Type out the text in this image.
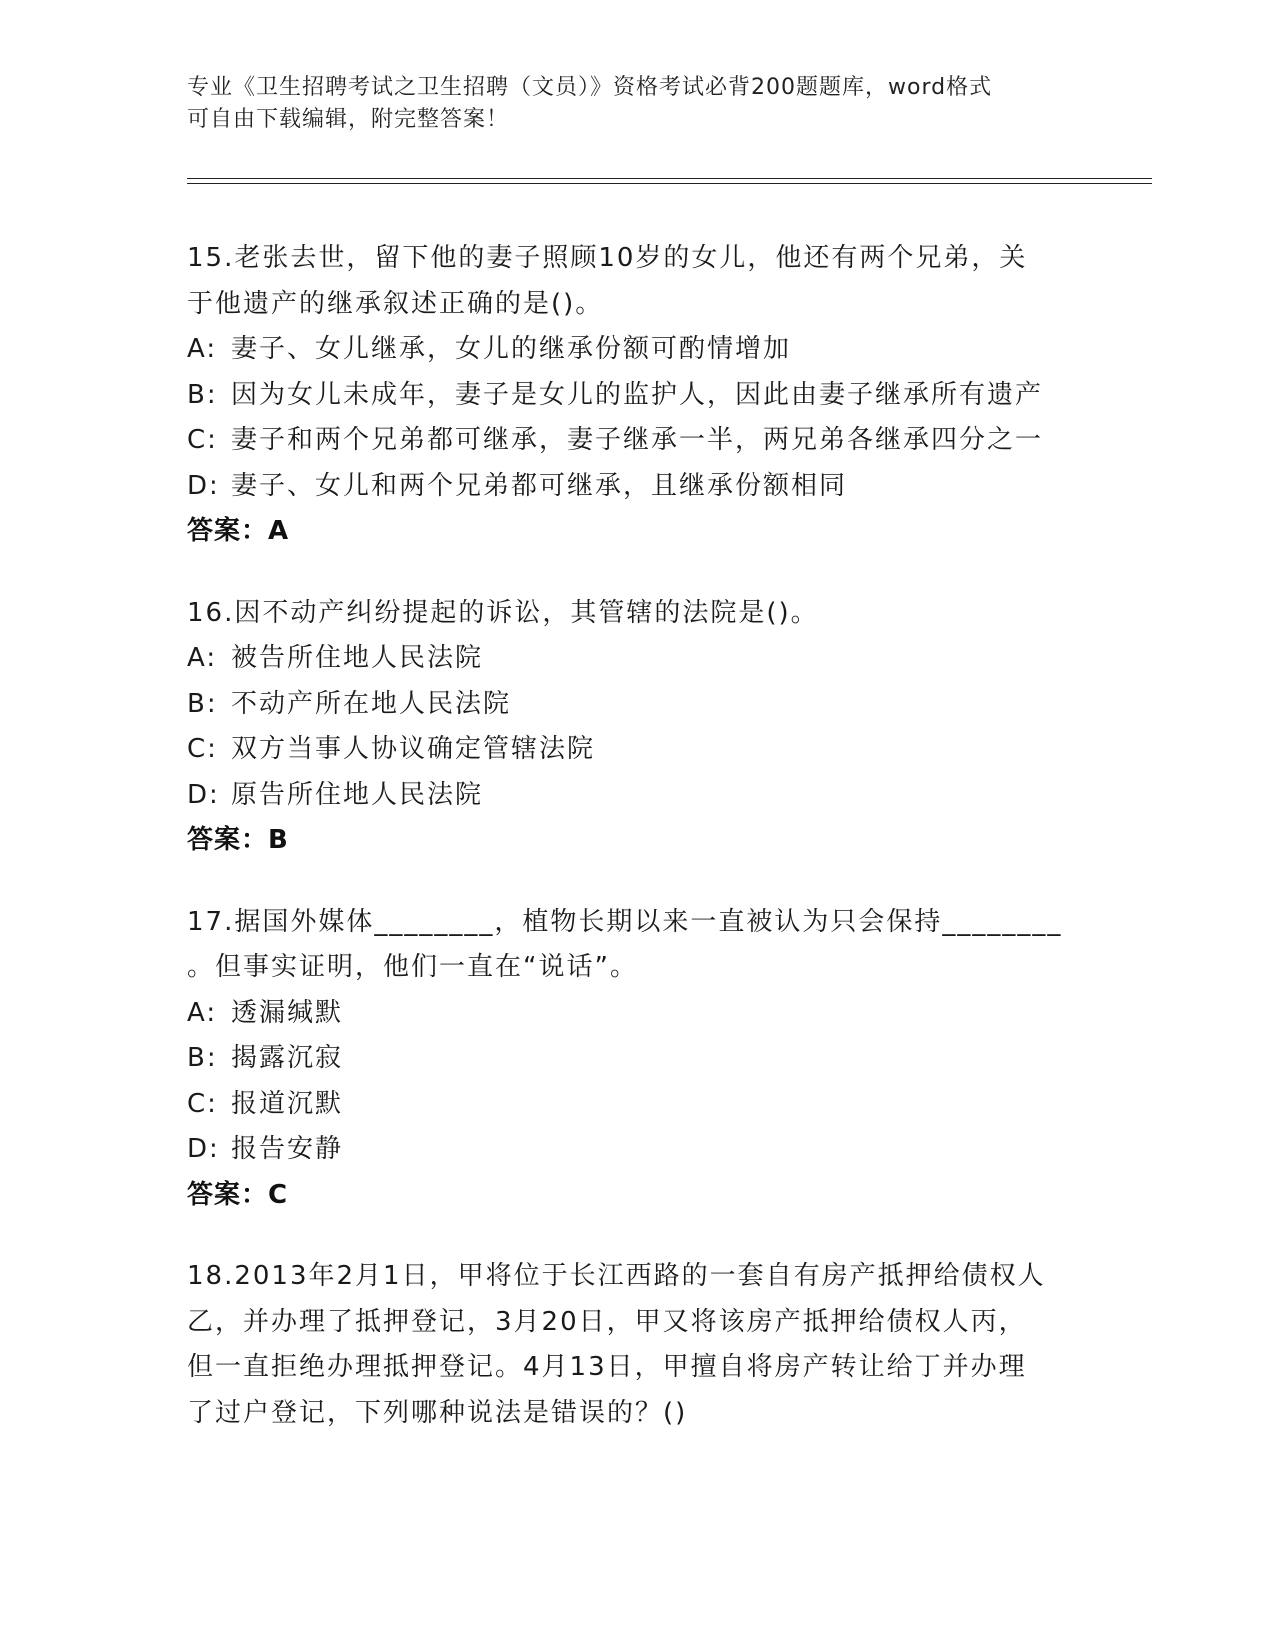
专业《卫生招聘考试之卫生招聘（文员）》资格考试必背200题题库，word格式
可自由下载编辑，附完整答案！
15.老张去世，留下他的妻子照顾10岁的女儿，他还有两个兄弟，关
于他遗产的继承叙述正确的是()。
A: 妻子、女儿继承，女儿的继承份额可酌情增加
B: 因为女儿未成年，妻子是女儿的监护人，因此由妻子继承所有遗产
C: 妻子和两个兄弟都可继承，妻子继承一半，两兄弟各继承四分之一
D: 妻子、女儿和两个兄弟都可继承，且继承份额相同
答案：A
16.因不动产纠纷提起的诉讼，其管辖的法院是()。
A: 被告所住地人民法院
B: 不动产所在地人民法院
C: 双方当事人协议确定管辖法院
D: 原告所住地人民法院
答案：B
17.据国外媒体________，植物长期以来一直被认为只会保持________
。但事实证明，他们一直在“说话”。
A: 透漏缄默
B: 揭露沉寂
C: 报道沉默
D: 报告安静
答案：C
18.2013年2月1日，甲将位于长江西路的一套自有房产抵押给债权人
乙，并办理了抵押登记，3月20日，甲又将该房产抵押给债权人丙，
但一直拒绝办理抵押登记。4月13日，甲擅自将房产转让给丁并办理
了过户登记，下列哪种说法是错误的？()
